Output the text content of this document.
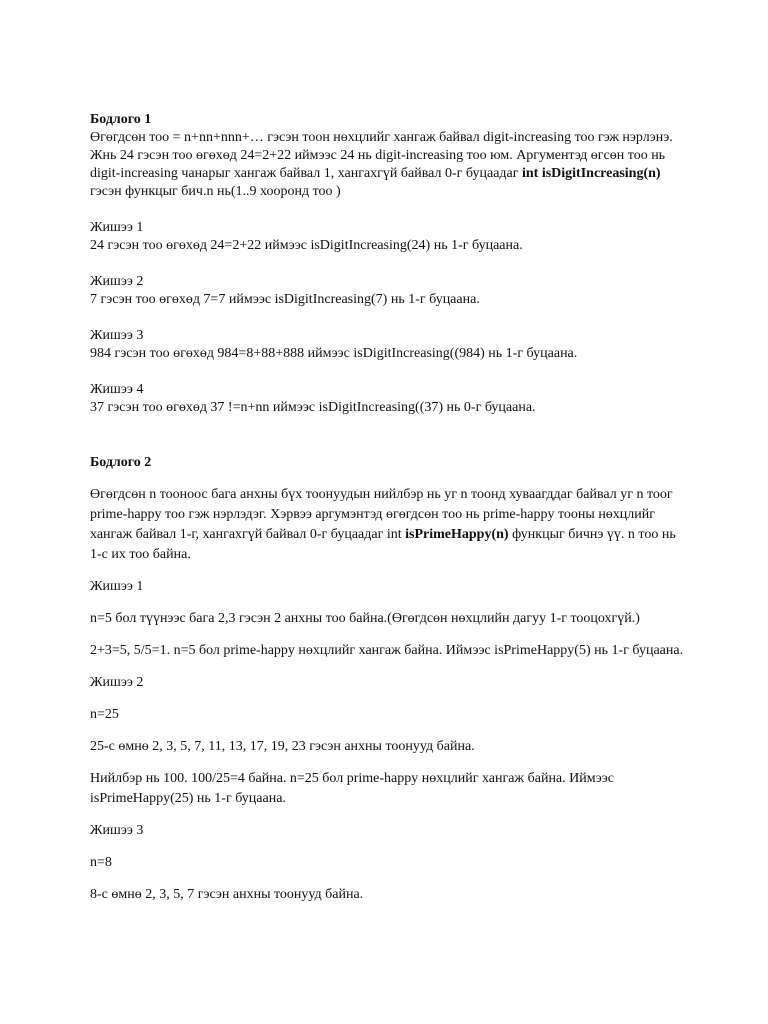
Бодлого 1

Өгөгдсөн тоо = n+nn+nnn+… гэсэн тоон нөхцлийг хангаж байвал digit-increasing тоо гэж нэрлэнэ. Жнь 24 гэсэн тоо өгөхөд 24=2+22 иймээс 24 нь digit-increasing тоо юм. Аргументэд өгсөн тоо нь digit-increasing чанарыг хангаж байвал 1, хангахгүй байвал 0-г буцаадаг int isDigitIncreasing(n) гэсэн функцыг бич.n нь(1..9 хооронд тоо )

Жишээ 1

24 гэсэн тоо өгөхөд 24=2+22 иймээс isDigitIncreasing(24) нь 1-г буцаана.

Жишээ 2

7 гэсэн тоо өгөхөд 7=7 иймээс isDigitIncreasing(7) нь 1-г буцаана.

Жишээ 3

984 гэсэн тоо өгөхөд 984=8+88+888 иймээс isDigitIncreasing((984) нь 1-г буцаана.

Жишээ 4

37 гэсэн тоо өгөхөд 37 !=n+nn иймээс isDigitIncreasing((37) нь 0-г буцаана.

Бодлого 2

Өгөгдсөн n тооноос бага анхны бүх тоонуудын нийлбэр нь уг n тоонд хуваагддаг байвал уг n тоог prime-happy тоо гэж нэрлэдэг. Хэрвээ аргумэнтэд өгөгдсөн тоо нь prime-happy тооны нөхцлийг хангаж байвал 1-г, хангахгүй байвал 0-г буцаадаг int isPrimeHappy(n) функцыг бичнэ үү. n тоо нь 1-с их тоо байна.

Жишээ 1

n=5 бол түүнээс бага 2,3 гэсэн 2 анхны тоо байна.(Өгөгдсөн нөхцлийн дагуу 1-г тооцохгүй.)

2+3=5, 5/5=1. n=5 бол prime-happy нөхцлийг хангаж байна. Иймээс isPrimeHappy(5) нь 1-г буцаана.

Жишээ 2

n=25

25-с өмнө 2, 3, 5, 7, 11, 13, 17, 19, 23 гэсэн анхны тоонууд байна.

Нийлбэр нь 100. 100/25=4 байна. n=25 бол prime-happy нөхцлийг хангаж байна. Иймээс isPrimeHappy(25) нь 1-г буцаана.

Жишээ 3

n=8

8-с өмнө 2, 3, 5, 7 гэсэн анхны тоонууд байна.
